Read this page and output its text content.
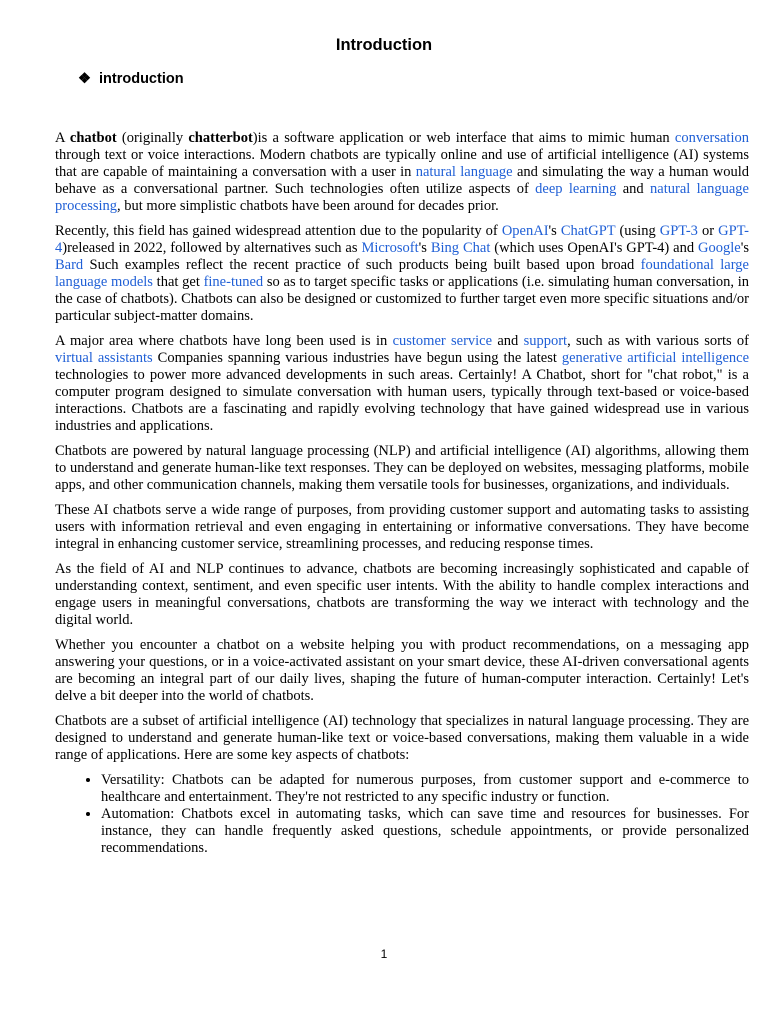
Introduction
❖ introduction

A chatbot (originally chatterbot)is a software application or web interface that aims to mimic human conversation through text or voice interactions. Modern chatbots are typically online and use of artificial intelligence (AI) systems that are capable of maintaining a conversation with a user in natural language and simulating the way a human would behave as a conversational partner. Such technologies often utilize aspects of deep learning and natural language processing, but more simplistic chatbots have been around for decades prior.

Recently, this field has gained widespread attention due to the popularity of OpenAI's ChatGPT (using GPT-3 or GPT-4)released in 2022, followed by alternatives such as Microsoft's Bing Chat (which uses OpenAI's GPT-4) and Google's Bard Such examples reflect the recent practice of such products being built based upon broad foundational large language models that get fine-tuned so as to target specific tasks or applications (i.e. simulating human conversation, in the case of chatbots). Chatbots can also be designed or customized to further target even more specific situations and/or particular subject-matter domains.

A major area where chatbots have long been used is in customer service and support, such as with various sorts of virtual assistants Companies spanning various industries have begun using the latest generative artificial intelligence technologies to power more advanced developments in such areas. Certainly! A Chatbot, short for "chat robot," is a computer program designed to simulate conversation with human users, typically through text-based or voice-based interactions. Chatbots are a fascinating and rapidly evolving technology that have gained widespread use in various industries and applications.

Chatbots are powered by natural language processing (NLP) and artificial intelligence (AI) algorithms, allowing them to understand and generate human-like text responses. They can be deployed on websites, messaging platforms, mobile apps, and other communication channels, making them versatile tools for businesses, organizations, and individuals.

These AI chatbots serve a wide range of purposes, from providing customer support and automating tasks to assisting users with information retrieval and even engaging in entertaining or informative conversations. They have become integral in enhancing customer service, streamlining processes, and reducing response times.

As the field of AI and NLP continues to advance, chatbots are becoming increasingly sophisticated and capable of understanding context, sentiment, and even specific user intents. With the ability to handle complex interactions and engage users in meaningful conversations, chatbots are transforming the way we interact with technology and the digital world.

Whether you encounter a chatbot on a website helping you with product recommendations, on a messaging app answering your questions, or in a voice-activated assistant on your smart device, these AI-driven conversational agents are becoming an integral part of our daily lives, shaping the future of human-computer interaction. Certainly! Let's delve a bit deeper into the world of chatbots.

Chatbots are a subset of artificial intelligence (AI) technology that specializes in natural language processing. They are designed to understand and generate human-like text or voice-based conversations, making them valuable in a wide range of applications. Here are some key aspects of chatbots:

• Versatility: Chatbots can be adapted for numerous purposes, from customer support and e-commerce to healthcare and entertainment. They're not restricted to any specific industry or function.
• Automation: Chatbots excel in automating tasks, which can save time and resources for businesses. For instance, they can handle frequently asked questions, schedule appointments, or provide personalized recommendations.
1
